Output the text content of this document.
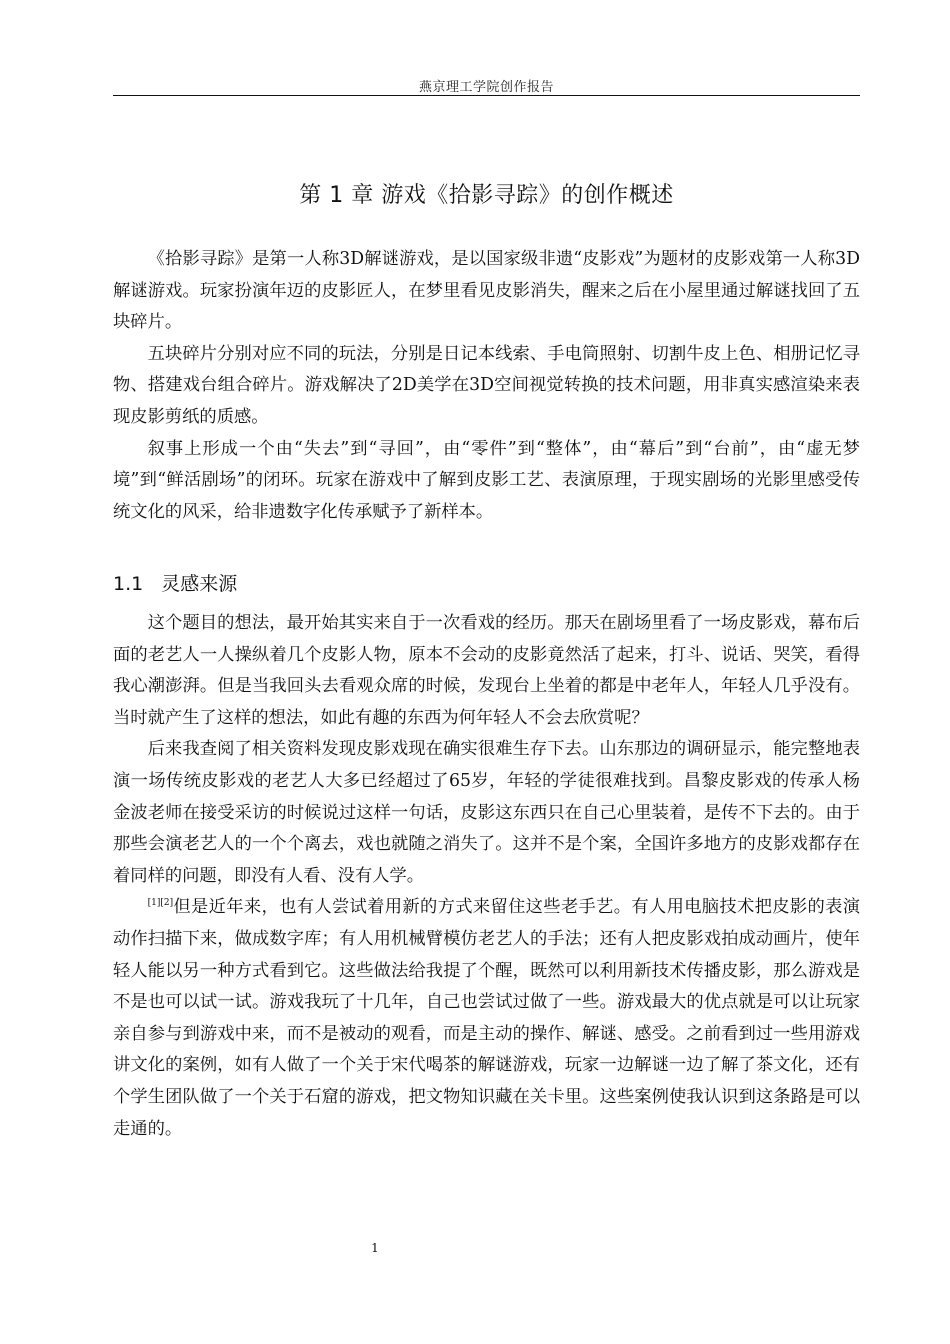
燕京理工学院创作报告
第 1 章 游戏《拾影寻踪》的创作概述

《拾影寻踪》是第一人称3D解谜游戏，是以国家级非遗“皮影戏”为题材的皮影戏第一人称3D解谜游戏。玩家扮演年迈的皮影匠人，在梦里看见皮影消失，醒来之后在小屋里通过解谜找回了五块碎片。

五块碎片分别对应不同的玩法，分别是日记本线索、手电筒照射、切割牛皮上色、相册记忆寻物、搭建戏台组合碎片。游戏解决了2D美学在3D空间视觉转换的技术问题，用非真实感渲染来表现皮影剪纸的质感。

叙事上形成一个由“失去”到“寻回”，由“零件”到“整体”，由“幕后”到“台前”，由“虚无梦境”到“鲜活剧场”的闭环。玩家在游戏中了解到皮影工艺、表演原理，于现实剧场的光影里感受传统文化的风采，给非遗数字化传承赋予了新样本。

1.1 灵感来源

这个题目的想法，最开始其实来自于一次看戏的经历。那天在剧场里看了一场皮影戏，幕布后面的老艺人一人操纵着几个皮影人物，原本不会动的皮影竟然活了起来，打斗、说话、哭笑，看得我心潮澎湃。但是当我回头去看观众席的时候，发现台上坐着的都是中老年人，年轻人几乎没有。当时就产生了这样的想法，如此有趣的东西为何年轻人不会去欣赏呢？

后来我查阅了相关资料发现皮影戏现在确实很难生存下去。山东那边的调研显示，能完整地表演一场传统皮影戏的老艺人大多已经超过了65岁，年轻的学徒很难找到。昌黎皮影戏的传承人杨金波老师在接受采访的时候说过这样一句话，皮影这东西只在自己心里装着，是传不下去的。由于那些会演老艺人的一个个离去，戏也就随之消失了。这并不是个案，全国许多地方的皮影戏都存在着同样的问题，即没有人看、没有人学。

[1][2]但是近年来，也有人尝试着用新的方式来留住这些老手艺。有人用电脑技术把皮影的表演动作扫描下来，做成数字库；有人用机械臂模仿老艺人的手法；还有人把皮影戏拍成动画片，使年轻人能以另一种方式看到它。这些做法给我提了个醒，既然可以利用新技术传播皮影，那么游戏是不是也可以试一试。游戏我玩了十几年，自己也尝试过做了一些。游戏最大的优点就是可以让玩家亲自参与到游戏中来，而不是被动的观看，而是主动的操作、解谜、感受。之前看到过一些用游戏讲文化的案例，如有人做了一个关于宋代喝茶的解谜游戏，玩家一边解谜一边了解了茶文化，还有个学生团队做了一个关于石窟的游戏，把文物知识藏在关卡里。这些案例使我认识到这条路是可以走通的。

1
